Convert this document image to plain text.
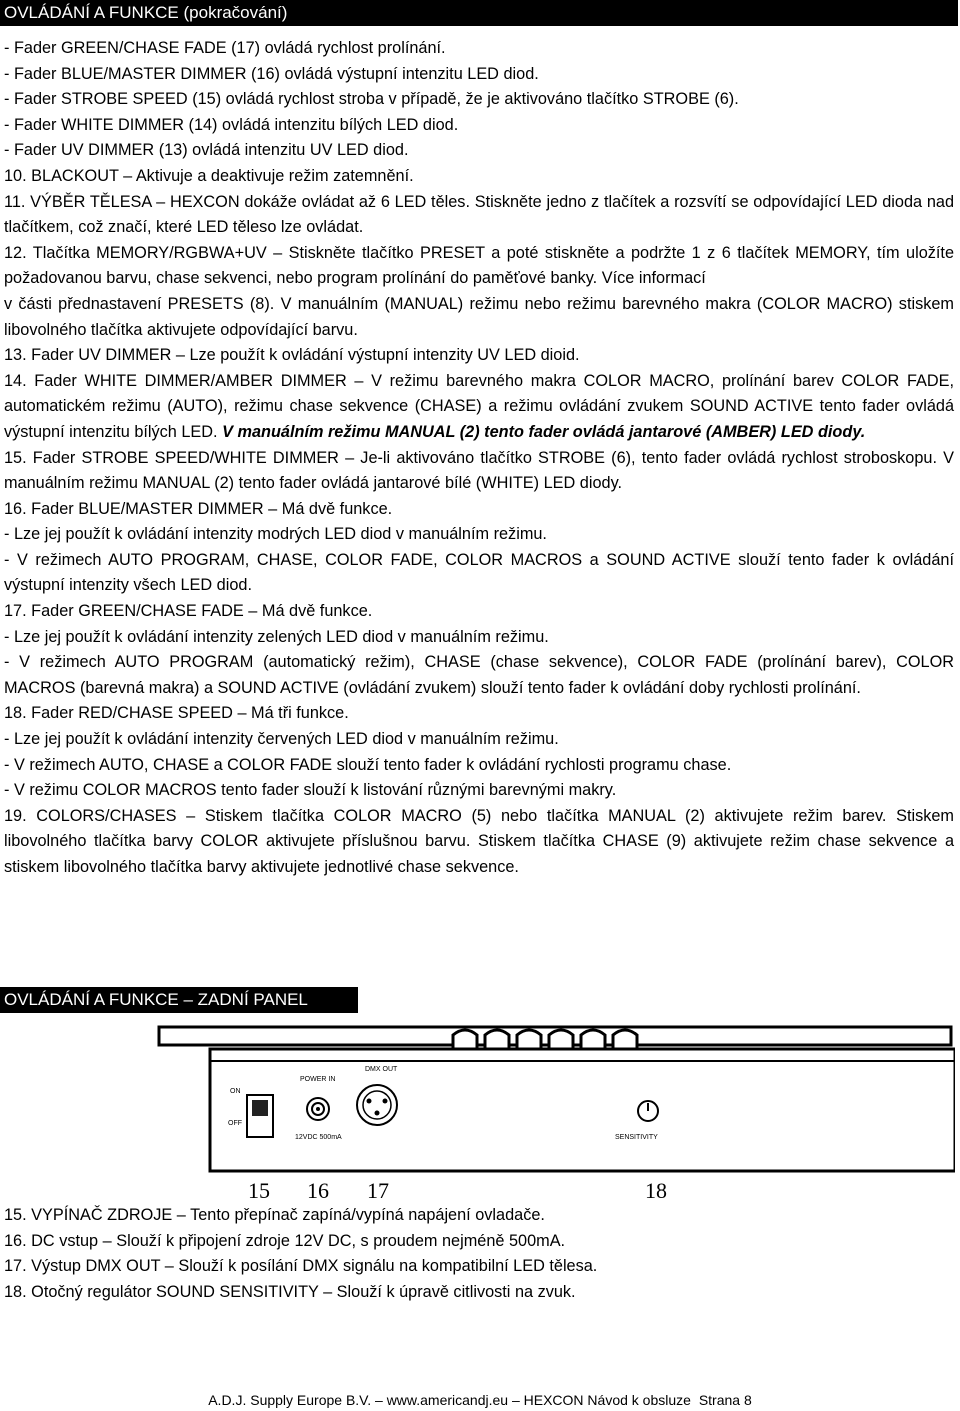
OVLÁDÁNÍ A FUNKCE (pokračování)

- Fader GREEN/CHASE FADE (17) ovládá rychlost prolínání.

- Fader BLUE/MASTER DIMMER (16) ovládá výstupní intenzitu LED diod.

- Fader STROBE SPEED (15) ovládá rychlost stroba v případě, že je aktivováno tlačítko STROBE (6).

- Fader WHITE DIMMER (14) ovládá intenzitu bílých LED diod.

- Fader UV DIMMER (13) ovládá intenzitu UV LED diod.

10. BLACKOUT – Aktivuje a deaktivuje režim zatemnění.

11. VÝBĚR TĚLESA – HEXCON dokáže ovládat až 6 LED těles. Stiskněte jedno z tlačítek a rozsvítí se odpovídající LED dioda nad tlačítkem, což značí, které LED těleso lze ovládat.

12. Tlačítka MEMORY/RGBWA+UV – Stiskněte tlačítko PRESET a poté stiskněte a podržte 1 z 6 tlačítek MEMORY, tím uložíte požadovanou barvu, chase sekvenci, nebo program prolínání do paměťové banky. Více informací

v části přednastavení PRESETS (8). V manuálním (MANUAL) režimu nebo režimu barevného makra (COLOR MACRO) stiskem libovolného tlačítka aktivujete odpovídající barvu.

13. Fader UV DIMMER – Lze použít k ovládání výstupní intenzity UV LED dioid.

14. Fader WHITE DIMMER/AMBER DIMMER – V režimu barevného makra COLOR MACRO, prolínání barev COLOR FADE, automatickém režimu (AUTO), režimu chase sekvence (CHASE) a režimu ovládání zvukem SOUND ACTIVE tento fader ovládá výstupní intenzitu bílých LED. V manuálním režimu MANUAL (2) tento fader ovládá jantarové (AMBER) LED diody.

15. Fader STROBE SPEED/WHITE DIMMER – Je-li aktivováno tlačítko STROBE (6), tento fader ovládá rychlost stroboskopu. V manuálním režimu MANUAL (2) tento fader ovládá jantarové bílé (WHITE) LED diody.

16. Fader BLUE/MASTER DIMMER – Má dvě funkce.

- Lze jej použít k ovládání intenzity modrých LED diod v manuálním režimu.

- V režimech AUTO PROGRAM, CHASE, COLOR FADE, COLOR MACROS a SOUND ACTIVE slouží tento fader k ovládání výstupní intenzity všech LED diod.

17. Fader GREEN/CHASE FADE – Má dvě funkce.

- Lze jej použít k ovládání intenzity zelených LED diod v manuálním režimu.

- V režimech AUTO PROGRAM (automatický režim), CHASE (chase sekvence), COLOR FADE (prolínání barev), COLOR MACROS (barevná makra) a SOUND ACTIVE (ovládání zvukem) slouží tento fader k ovládání doby rychlosti prolínání.

18. Fader RED/CHASE SPEED – Má tři funkce.

- Lze jej použít k ovládání intenzity červených LED diod v manuálním režimu.

- V režimech AUTO, CHASE a COLOR FADE slouží tento fader k ovládání rychlosti programu chase.

- V režimu COLOR MACROS tento fader slouží k listování různými barevnými makry.

19. COLORS/CHASES – Stiskem tlačítka COLOR MACRO (5) nebo tlačítka MANUAL (2) aktivujete režim barev. Stiskem libovolného tlačítka barvy COLOR aktivujete příslušnou barvu. Stiskem tlačítka CHASE (9) aktivujete režim chase sekvence a stiskem libovolného tlačítka barvy aktivujete jednotlivé chase sekvence.

OVLÁDÁNÍ A FUNKCE – ZADNÍ PANEL
ON
OFF
POWER IN
12VDC 500mA
DMX OUT
SENSITIVITY
15 16 17	18

15. VYPÍNAČ ZDROJE – Tento přepínač zapíná/vypíná napájení ovladače.

16. DC vstup – Slouží k připojení zdroje 12V DC, s proudem nejméně 500mA.

17. Výstup DMX OUT – Slouží k posílání DMX signálu na kompatibilní LED tělesa.

18. Otočný regulátor SOUND SENSITIVITY – Slouží k úpravě citlivosti na zvuk.

A.D.J. Supply Europe B.V. – www.americandj.eu – HEXCON Návod k obsluze Strana 8
